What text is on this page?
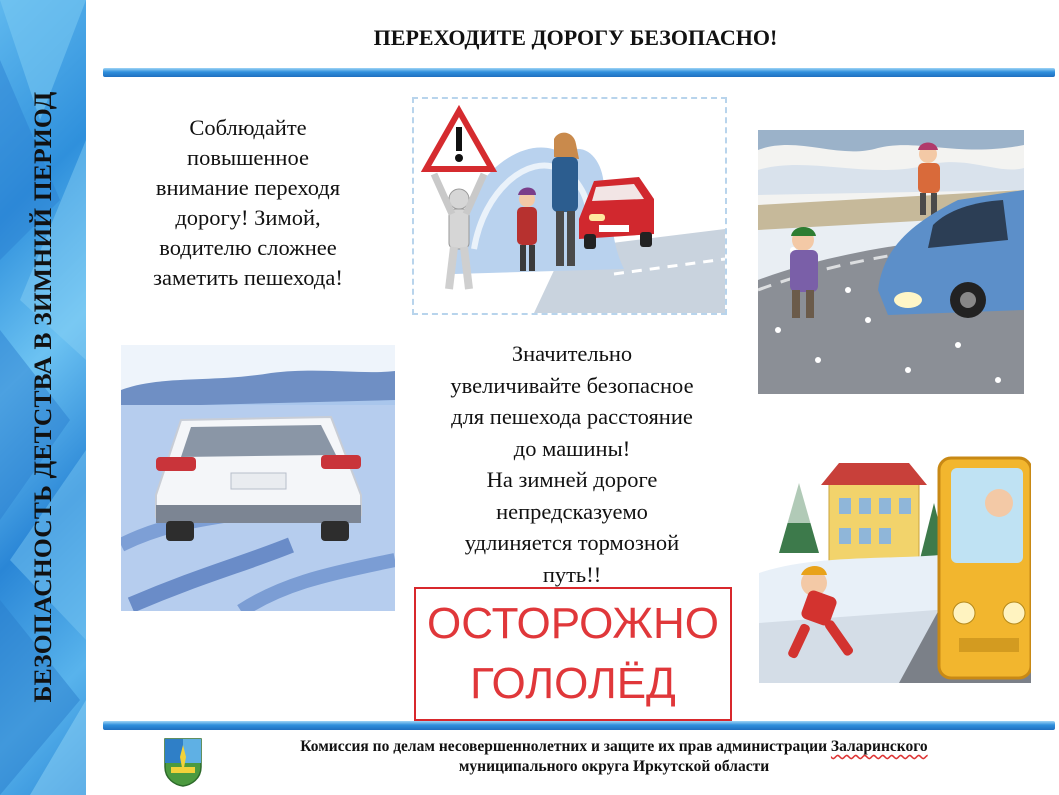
БЕЗОПАСНОСТЬ ДЕТСТВА В ЗИМНИЙ ПЕРИОД
ПЕРЕХОДИТЕ ДОРОГУ БЕЗОПАСНО!
Соблюдайте
повышенное
внимание переходя
дорогу! Зимой,
водителю сложнее
заметить пешехода!
Значительно
увеличивайте безопасное
для пешехода расстояние
до машины!
На зимней дороге
непредсказуемо
удлиняется тормозной
путь!!
ОСТОРОЖНО
ГОЛОЛЁД
Комиссия по делам несовершеннолетних и защите их прав администрации Заларинского
муниципального округа Иркутской области
